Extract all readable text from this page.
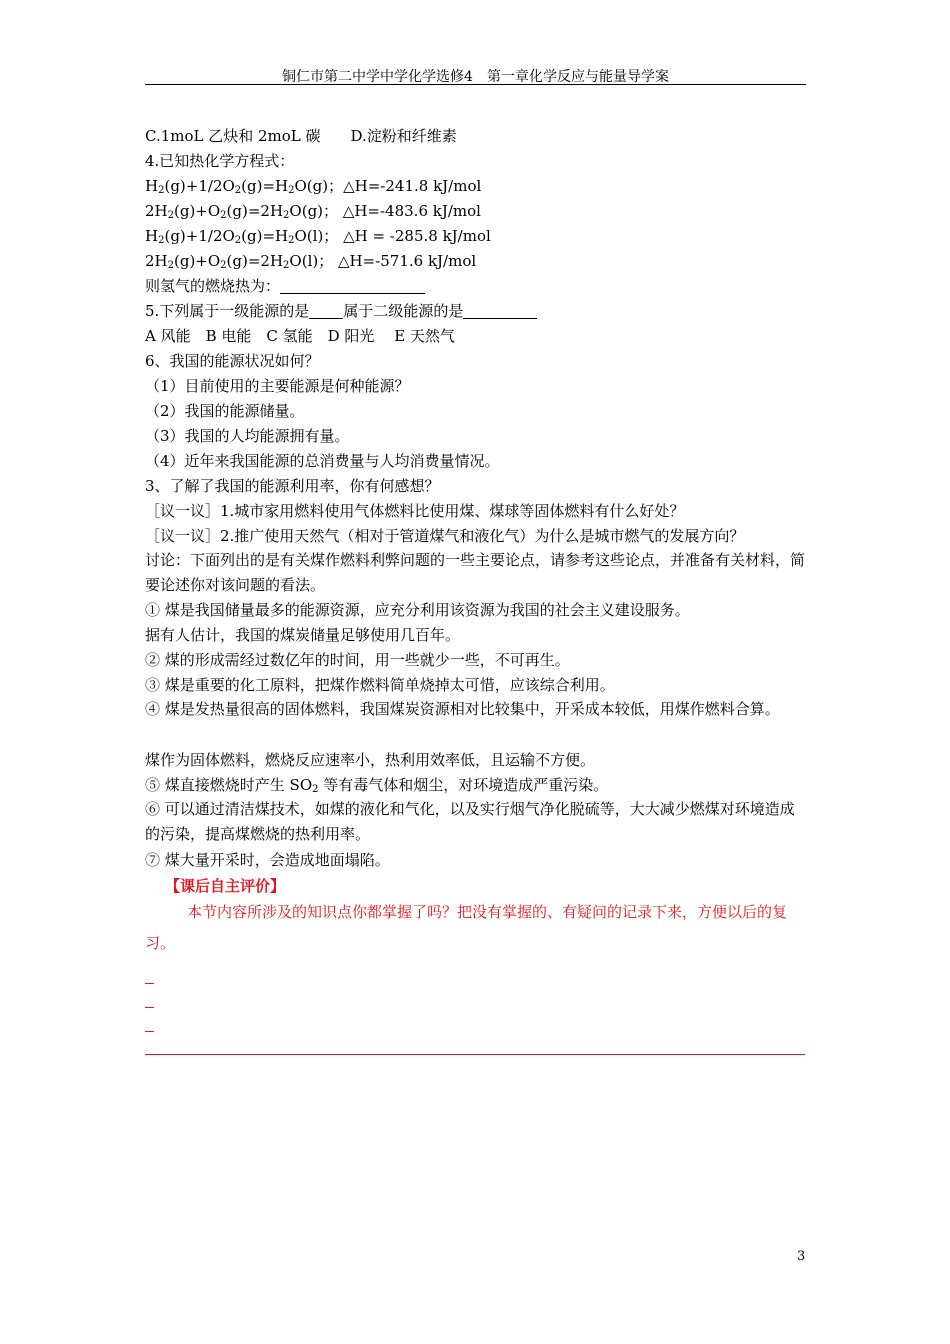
铜仁市第二中学中学化学选修4　第一章化学反应与能量导学案
C.1moL 乙炔和 2moL 碳　　D.淀粉和纤维素
4.已知热化学方程式：
$H_2(g)+1/2O_2(g)=H_2O(g)$；△H=-241.8 kJ/mol
$2H_2(g)+O_2(g)=2H_2O(g)$； △H=-483.6 kJ/mol
$H_2(g)+1/2O_2(g)=H_2O(l)$； △H = -285.8 kJ/mol
$2H_2(g)+O_2(g)=2H_2O(l)$； △H=-571.6 kJ/mol
则氢气的燃烧热为：
5.下列属于一级能源的是 属于二级能源的是
A 风能　B 电能　C 氢能　D 阳光　 E 天然气
6、我国的能源状况如何？
（1）目前使用的主要能源是何种能源？
（2）我国的能源储量。
（3）我国的人均能源拥有量。
（4）近年来我国能源的总消费量与人均消费量情况。
3、了解了我国的能源利用率，你有何感想？
［议一议］1.城市家用燃料使用气体燃料比使用煤、煤球等固体燃料有什么好处？
［议一议］2.推广使用天然气（相对于管道煤气和液化气）为什么是城市燃气的发展方向？
讨论：下面列出的是有关煤作燃料利弊问题的一些主要论点，请参考这些论点，并准备有关材料，简要论述你对该问题的看法。
① 煤是我国储量最多的能源资源，应充分利用该资源为我国的社会主义建设服务。
据有人估计，我国的煤炭储量足够使用几百年。
② 煤的形成需经过数亿年的时间，用一些就少一些，不可再生。
③ 煤是重要的化工原料，把煤作燃料简单烧掉太可惜，应该综合利用。
④ 煤是发热量很高的固体燃料，我国煤炭资源相对比较集中，开采成本较低，用煤作燃料合算。
煤作为固体燃料，燃烧反应速率小，热利用效率低，且运输不方便。
⑤ 煤直接燃烧时产生 $SO_2$ 等有毒气体和烟尘，对环境造成严重污染。
⑥ 可以通过清洁煤技术，如煤的液化和气化，以及实行烟气净化脱硫等，大大减少燃煤对环境造成的污染，提高煤燃烧的热利用率。
⑦ 煤大量开采时，会造成地面塌陷。
【课后自主评价】
本节内容所涉及的知识点你都掌握了吗？把没有掌握的、有疑问的记录下来，方便以后的复习。
3
